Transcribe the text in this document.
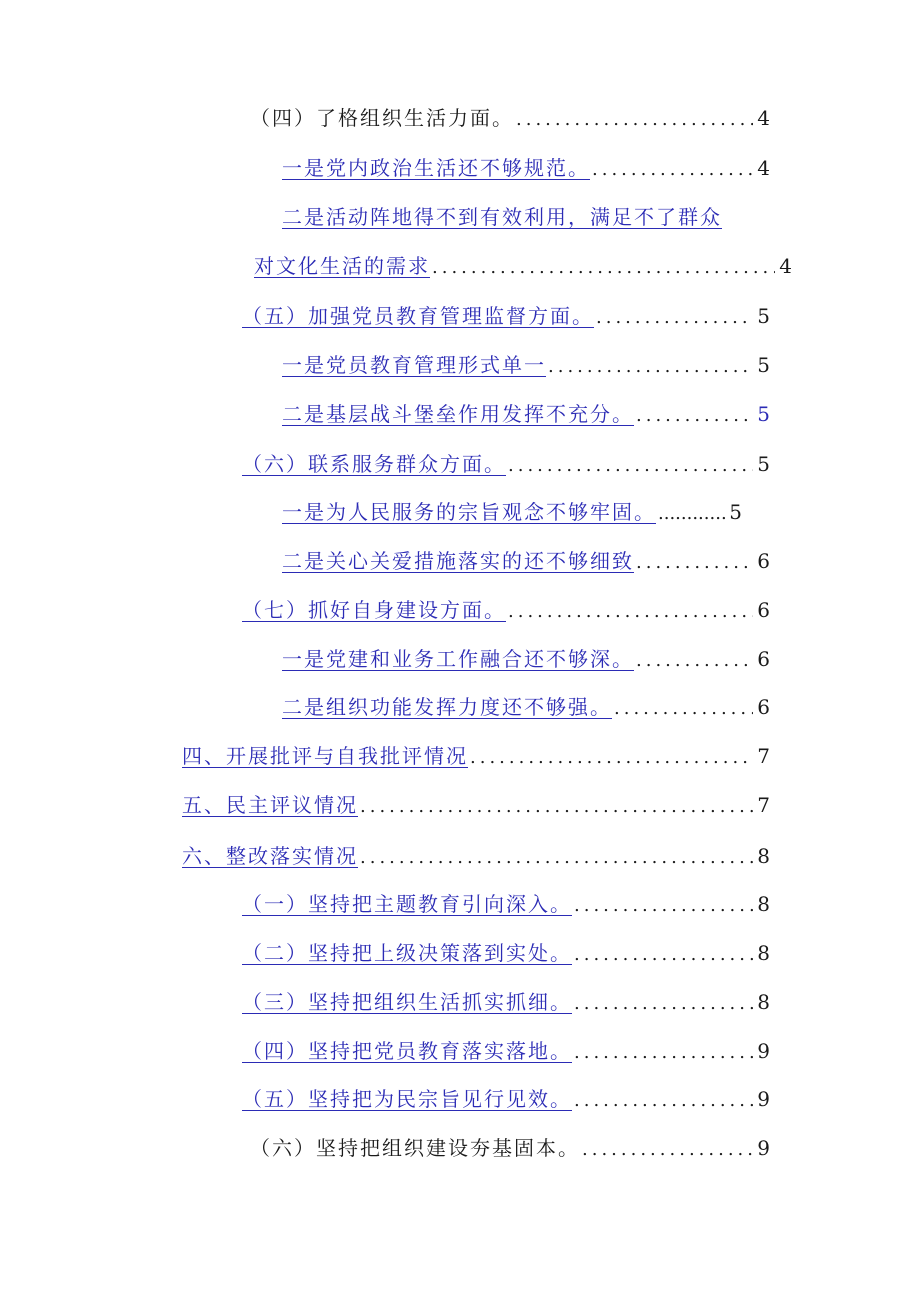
（四）了格组织生活力面。 .....	4
一是党内政治生活还不够规范。 .....	4
二是活动阵地得不到有效利用，满足不了群众
对文化生活的需求 .....	4
（五）加强党员教育管理监督方面。 .....	5
一是党员教育管理形式单一 .....	5
二是基层战斗堡垒作用发挥不充分。 .....	5
（六）联系服务群众方面。 .....	5
一是为人民服务的宗旨观念不够牢固。 .....	5
二是关心关爱措施落实的还不够细致 .....	6
（七）抓好自身建设方面。 .....	6
一是党建和业务工作融合还不够深。 .....	6
二是组织功能发挥力度还不够强。 .....	6
四、开展批评与自我批评情况 .....	7
五、民主评议情况 .....	7
六、整改落实情况 .....	8
（一）坚持把主题教育引向深入。 .....	8
（二）坚持把上级决策落到实处。 .....	8
（三）坚持把组织生活抓实抓细。 .....	8
（四）坚持把党员教育落实落地。 .....	9
（五）坚持把为民宗旨见行见效。 .....	9
（六）坚持把组织建设夯基固本。 .....	9
